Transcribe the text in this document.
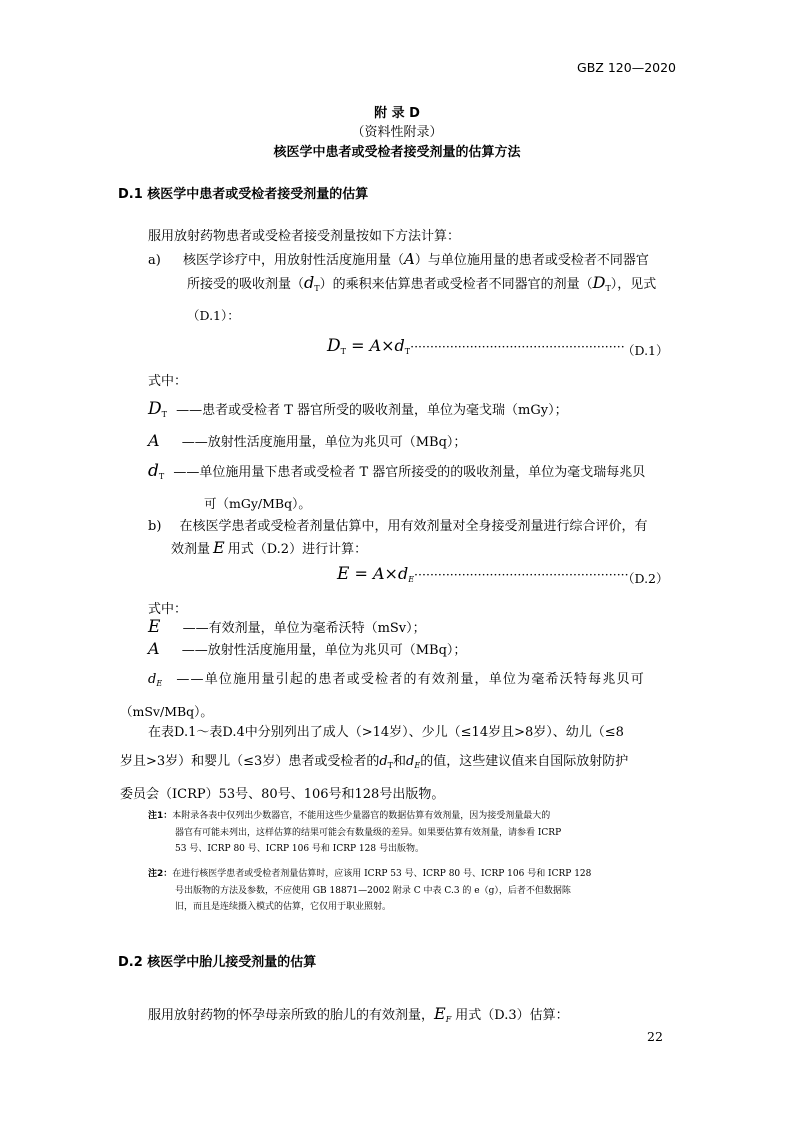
GBZ 120—2020
附 录 D
（资料性附录）
核医学中患者或受检者接受剂量的估算方法
D.1 核医学中患者或受检者接受剂量的估算
服用放射药物患者或受检者接受剂量按如下方法计算：
a) 核医学诊疗中，用放射性活度施用量（A）与单位施用量的患者或受检者不同器官
所接受的吸收剂量$(d_T)$的乘积来估算患者或受检者不同器官的剂量$(D_T)$，见式
（D.1）：
$D_T = A\times d_T\cdot\cdot\cdot\cdot\cdot\cdot\cdot\cdot\cdot\cdot\cdot\cdot\cdot\cdot\cdot\cdot\cdot\cdot\cdot\cdot\cdot\cdot\cdot\cdot\cdot\cdot\cdot\cdot\cdot\cdot\cdot\cdot\cdot\cdot\cdot\cdot\cdot\cdot\cdot\cdot\cdot\cdot\cdot\cdot\cdot\cdot\cdot\cdot\cdot\cdot\cdot\cdot\cdot\cdot$
（D.1）
式中：
$D_T$ ——患者或受检者 T 器官所受的吸收剂量，单位为毫戈瑞（mGy）；
A ——放射性活度施用量，单位为兆贝可（MBq）；
$d_T$ ——单位施用量下患者或受检者 T 器官所接受的的吸收剂量，单位为毫戈瑞每兆贝
可（mGy/MBq）。
b) 在核医学患者或受检者剂量估算中，用有效剂量对全身接受剂量进行综合评价，有
效剂量 E 用式（D.2）进行计算：
$E = A\times d_E\cdot\cdot\cdot\cdot\cdot\cdot\cdot\cdot\cdot\cdot\cdot\cdot\cdot\cdot\cdot\cdot\cdot\cdot\cdot\cdot\cdot\cdot\cdot\cdot\cdot\cdot\cdot\cdot\cdot\cdot\cdot\cdot\cdot\cdot\cdot\cdot\cdot\cdot\cdot\cdot\cdot\cdot\cdot\cdot\cdot\cdot\cdot\cdot\cdot\cdot\cdot\cdot\cdot\cdot$
（D.2）
式中：
E ——有效剂量，单位为毫希沃特（mSv）；
A ——放射性活度施用量，单位为兆贝可（MBq）；
$d_E$ ——单位施用量引起的患者或受检者的有效剂量，单位为毫希沃特每兆贝可
（mSv/MBq）。
在表D.1～表D.4中分别列出了成人（>14岁）、少儿（≤14岁且>8岁）、幼儿（≤8
岁且>3岁）和婴儿（≤3岁）患者或受检者的$d_T$和$d_E$的值，这些建议值来自国际放射防护
委员会（ICRP）53号、80号、106号和128号出版物。
注1：本附录各表中仅列出少数器官，不能用这些少量器官的数据估算有效剂量，因为接受剂量最大的
器官有可能未列出，这样估算的结果可能会有数量级的差异。如果要估算有效剂量，请参看 ICRP
53 号、ICRP 80 号、ICRP 106 号和 ICRP 128 号出版物。
注2：在进行核医学患者或受检者剂量估算时，应该用 ICRP 53 号、ICRP 80 号、ICRP 106 号和 ICRP 128
号出版物的方法及参数，不应使用 GB 18871—2002 附录 C 中表 C.3 的 e（g），后者不但数据陈
旧，而且是连续摄入模式的估算，它仅用于职业照射。
D.2 核医学中胎儿接受剂量的估算
服用放射药物的怀孕母亲所致的胎儿的有效剂量，$E_F$ 用式（D.3）估算：
22
